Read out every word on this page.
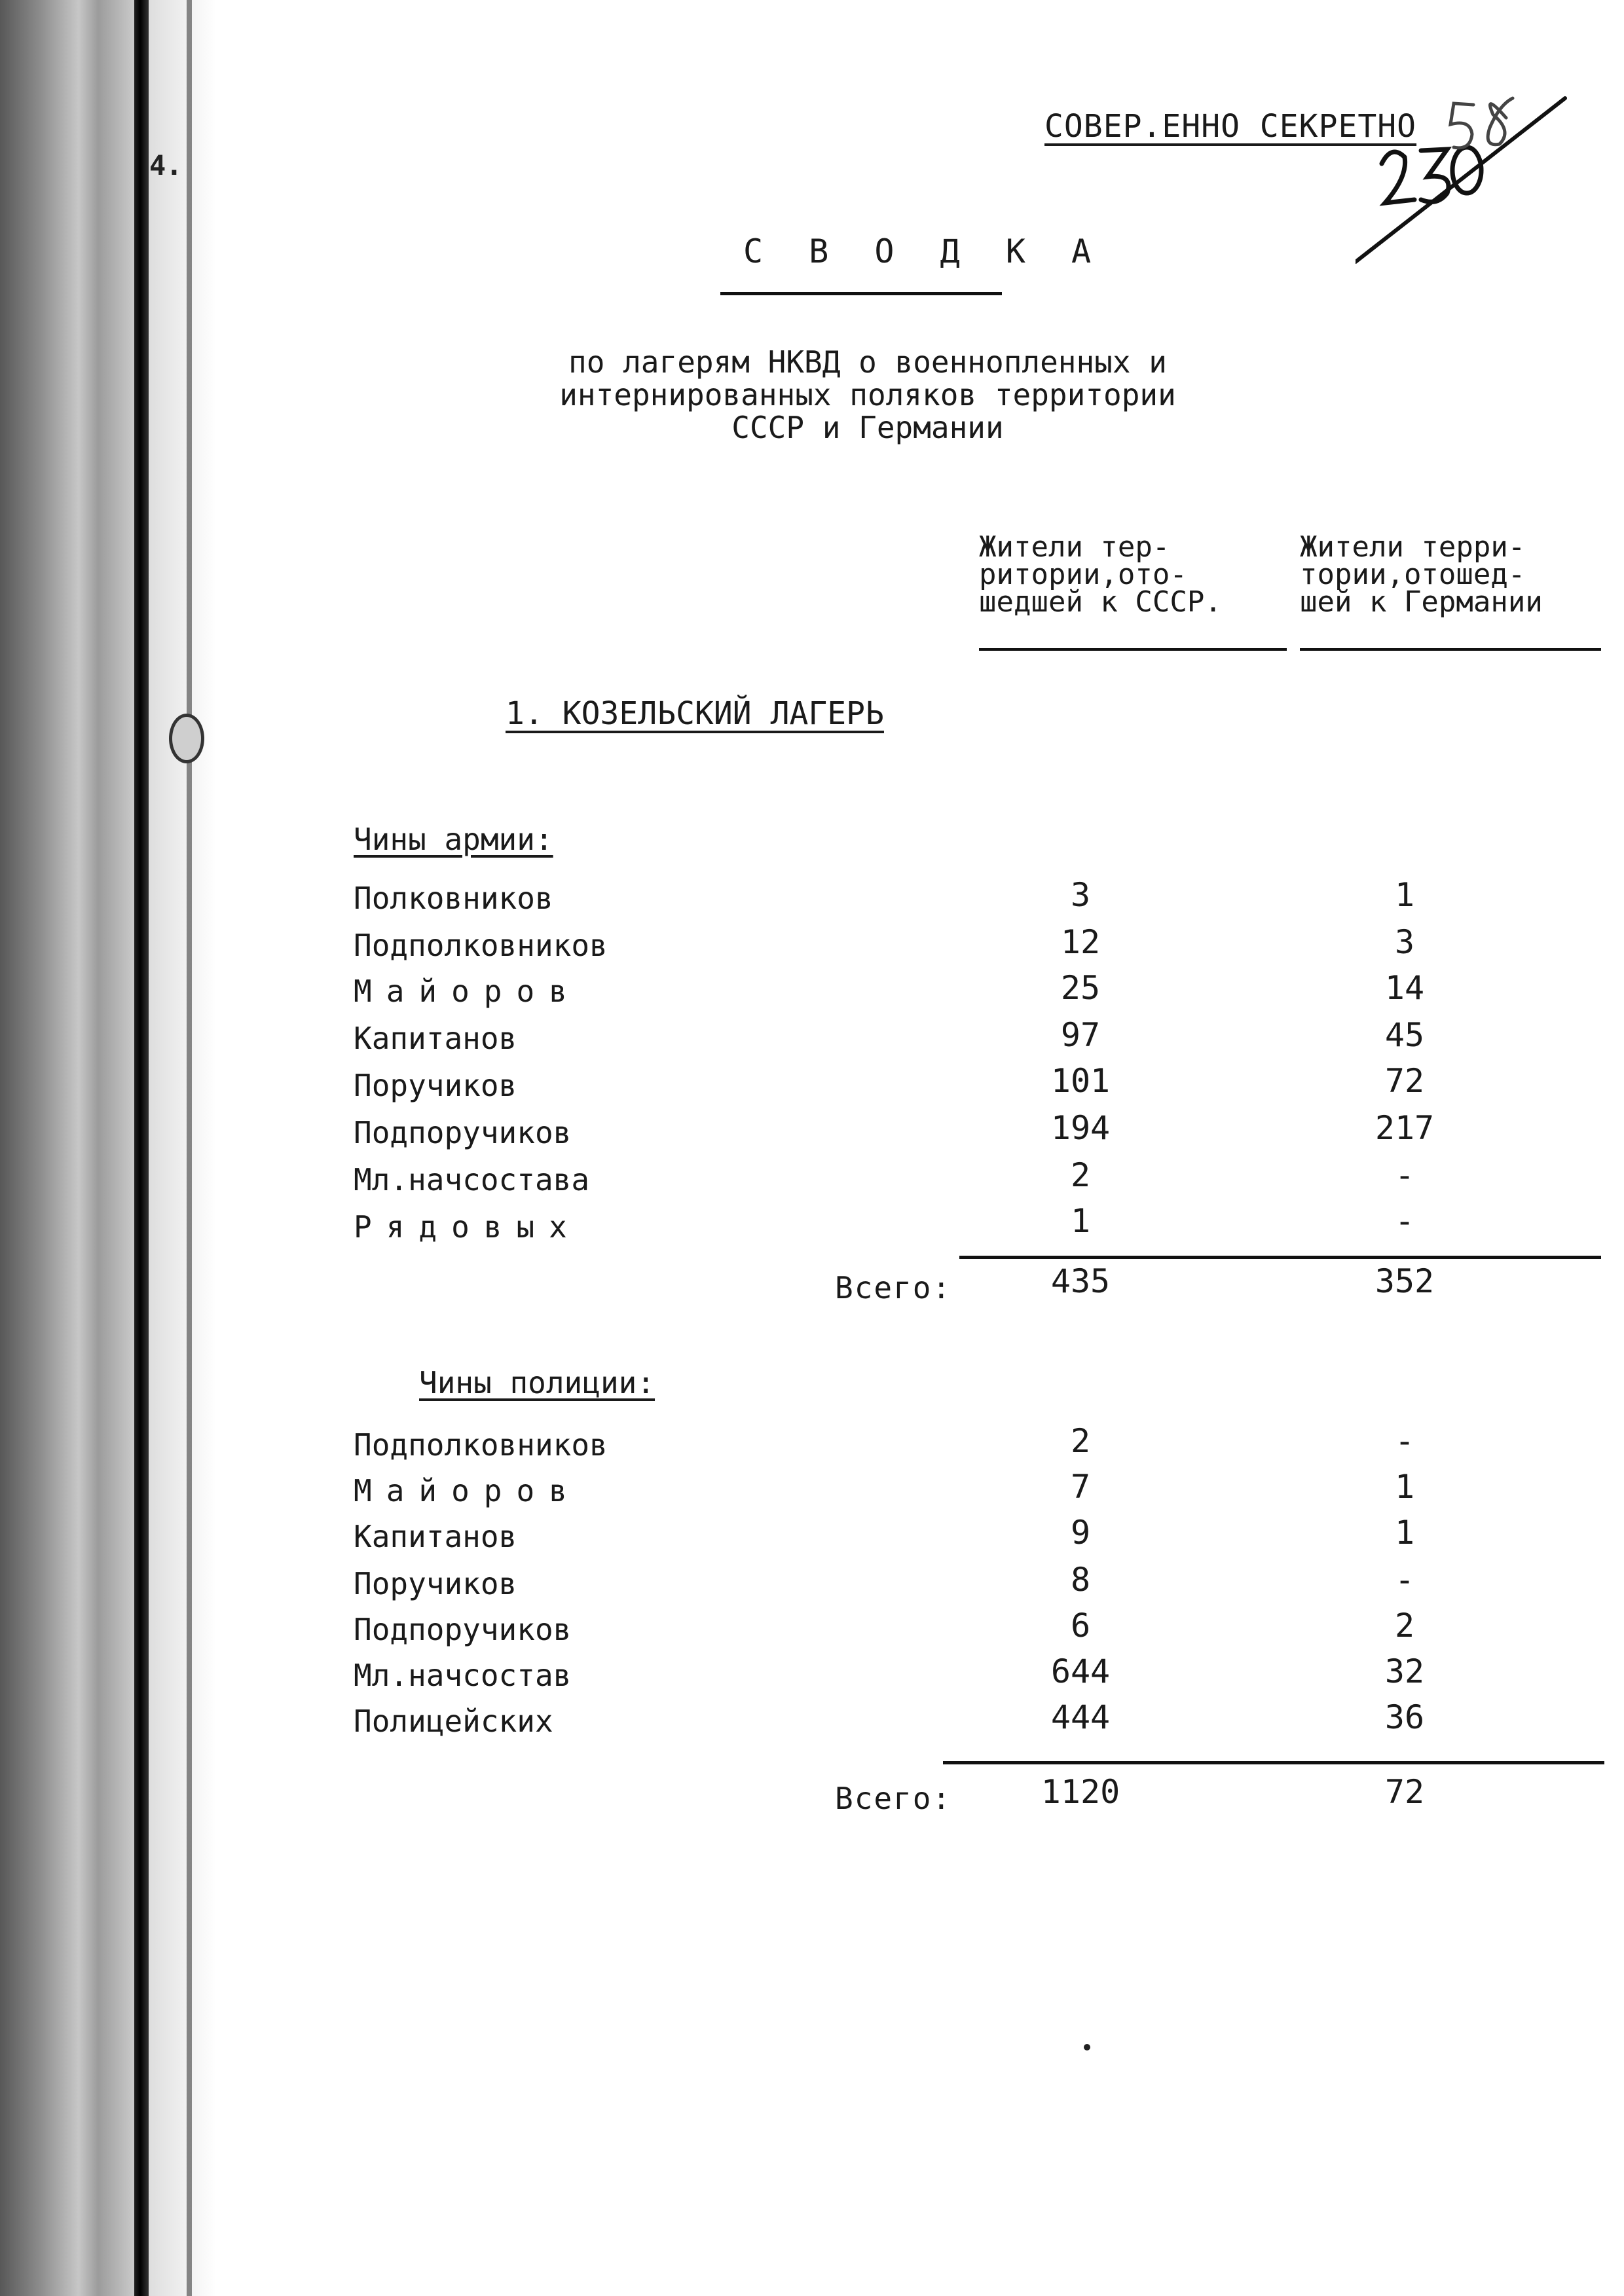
4.
СОВЕР.ЕННО СЕКРЕТНО
С В О Д К А
по лагерям НКВД о военнопленных и
интернированных поляков территории
СССР и Германии
Жители тер-
ритории,ото-
шедшей к СССР.
Жители терри-
тории,отошед-
шей к Германии
1. КОЗЕЛЬСКИЙ ЛАГЕРЬ
Чины армии:
Полковников	3	1
Подполковников	12	3
Майоров	25	14
Капитанов	97	45
Поручиков	101	72
Подпоручиков	194	217
Мл.начсостава	2	-
Рядовых	1	-
Всего:	435	352
Чины полиции:
Подполковников	2	-
Майоров	7	1
Капитанов	9	1
Поручиков	8	-
Подпоручиков	6	2
Мл.начсостав	644	32
Полицейских	444	36
Всего:	1120	72
